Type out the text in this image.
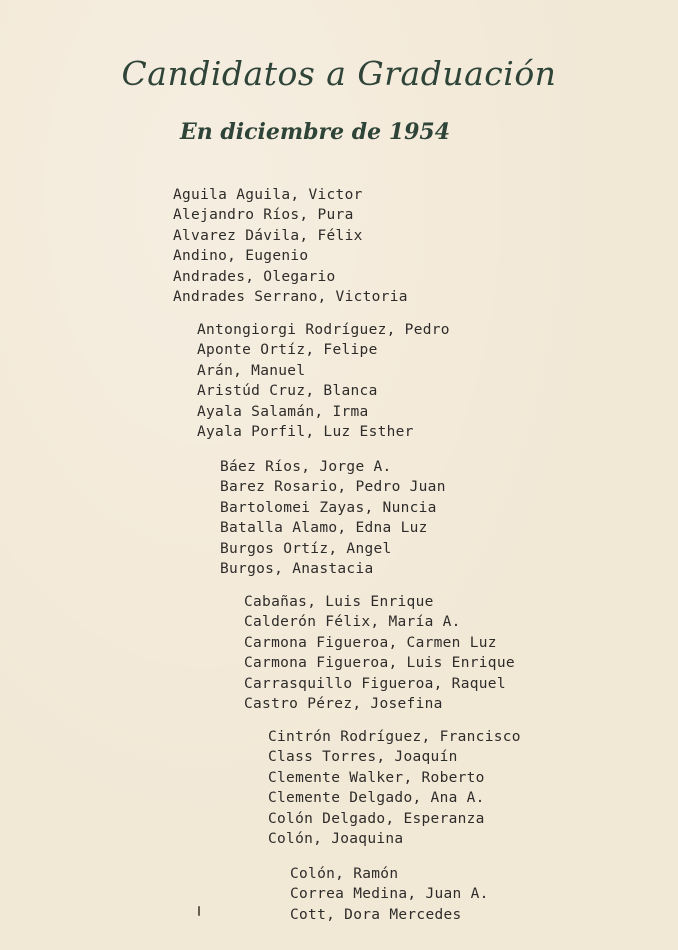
Candidatos a Graduación
En diciembre de 1954
Aguila Aguila, Victor
Alejandro Ríos, Pura
Alvarez Dávila, Félix
Andino, Eugenio
Andrades, Olegario
Andrades Serrano, Victoria
Antongiorgi Rodríguez, Pedro
Aponte Ortíz, Felipe
Arán, Manuel
Aristúd Cruz, Blanca
Ayala Salamán, Irma
Ayala Porfil, Luz Esther
Báez Ríos, Jorge A.
Barez Rosario, Pedro Juan
Bartolomei Zayas, Nuncia
Batalla Alamo, Edna Luz
Burgos Ortíz, Angel
Burgos, Anastacia
Cabañas, Luis Enrique
Calderón Félix, María A.
Carmona Figueroa, Carmen Luz
Carmona Figueroa, Luis Enrique
Carrasquillo Figueroa, Raquel
Castro Pérez, Josefina
Cintrón Rodríguez, Francisco
Class Torres, Joaquín
Clemente Walker, Roberto
Clemente Delgado, Ana A.
Colón Delgado, Esperanza
Colón, Joaquina
Colón, Ramón
Correa Medina, Juan A.
Cott, Dora Mercedes
